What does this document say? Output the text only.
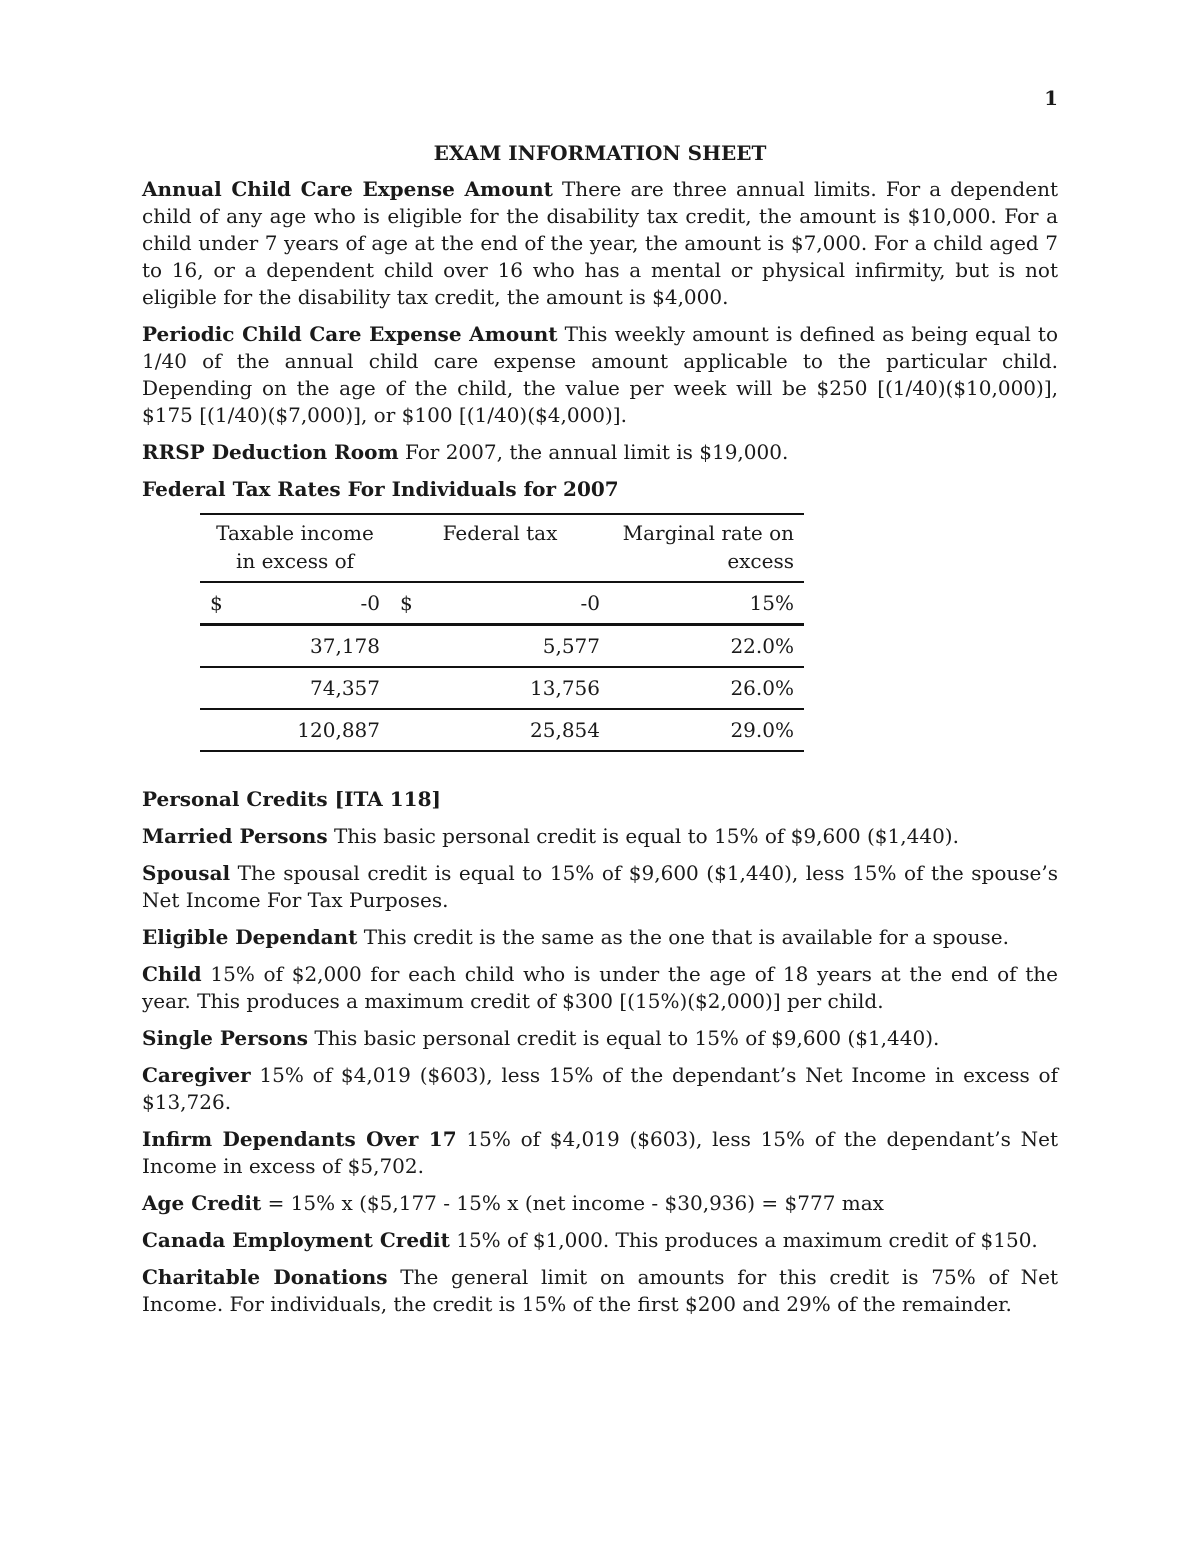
1
EXAM INFORMATION SHEET

Annual Child Care Expense Amount There are three annual limits. For a dependent child of any age who is eligible for the disability tax credit, the amount is $10,000. For a child under 7 years of age at the end of the year, the amount is $7,000. For a child aged 7 to 16, or a dependent child over 16 who has a mental or physical infirmity, but is not eligible for the disability tax credit, the amount is $4,000.

Periodic Child Care Expense Amount This weekly amount is defined as being equal to 1/40 of the annual child care expense amount applicable to the particular child. Depending on the age of the child, the value per week will be $250 [(1/40)($10,000)], $175 [(1/40)($7,000)], or $100 [(1/40)($4,000)].

RRSP Deduction Room For 2007, the annual limit is $19,000.

Federal Tax Rates For Individuals for 2007
Taxable income in excess of	Federal tax	Marginal rate on excess

$ -0	$ -0	15%
37,178	5,577	22.0%
74,357	13,756	26.0%
120,887	25,854	29.0%
Personal Credits [ITA 118]

Married Persons This basic personal credit is equal to 15% of $9,600 ($1,440).

Spousal The spousal credit is equal to 15% of $9,600 ($1,440), less 15% of the spouse’s Net Income For Tax Purposes.

Eligible Dependant This credit is the same as the one that is available for a spouse.

Child 15% of $2,000 for each child who is under the age of 18 years at the end of the year. This produces a maximum credit of $300 [(15%)($2,000)] per child.

Single Persons This basic personal credit is equal to 15% of $9,600 ($1,440).

Caregiver 15% of $4,019 ($603), less 15% of the dependant’s Net Income in excess of $13,726.

Infirm Dependants Over 17 15% of $4,019 ($603), less 15% of the dependant’s Net Income in excess of $5,702.

Age Credit = 15% x ($5,177 - 15% x (net income - $30,936) = $777 max

Canada Employment Credit 15% of $1,000. This produces a maximum credit of $150.

Charitable Donations The general limit on amounts for this credit is 75% of Net Income. For individuals, the credit is 15% of the first $200 and 29% of the remainder.
